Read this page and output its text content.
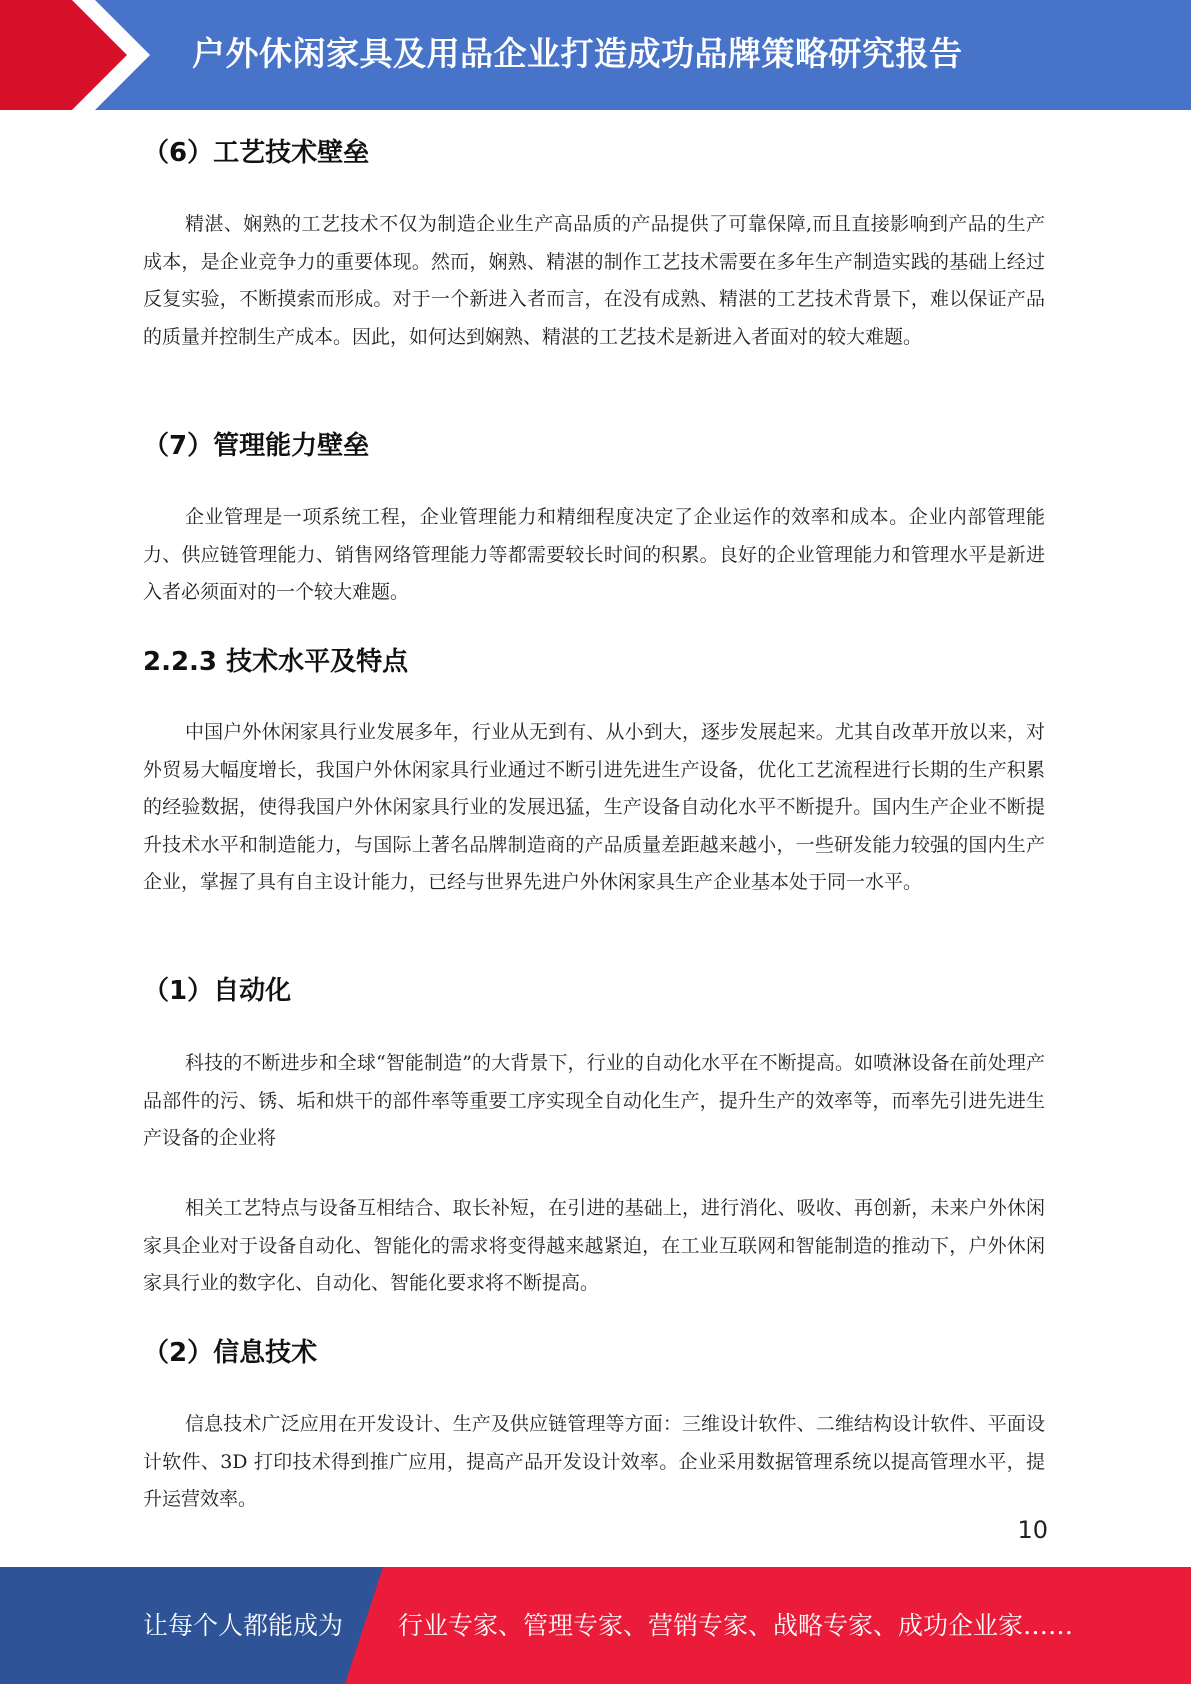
户外休闲家具及用品企业打造成功品牌策略研究报告
（6）工艺技术壁垒

精湛、娴熟的工艺技术不仅为制造企业生产高品质的产品提供了可靠保障,而且直接影响到产品的生产成本，是企业竞争力的重要体现。然而，娴熟、精湛的制作工艺技术需要在多年生产制造实践的基础上经过反复实验，不断摸索而形成。对于一个新进入者而言，在没有成熟、精湛的工艺技术背景下，难以保证产品的质量并控制生产成本。因此，如何达到娴熟、精湛的工艺技术是新进入者面对的较大难题。

（7）管理能力壁垒

企业管理是一项系统工程，企业管理能力和精细程度决定了企业运作的效率和成本。企业内部管理能力、供应链管理能力、销售网络管理能力等都需要较长时间的积累。良好的企业管理能力和管理水平是新进入者必须面对的一个较大难题。

2.2.3 技术水平及特点

中国户外休闲家具行业发展多年，行业从无到有、从小到大，逐步发展起来。尤其自改革开放以来，对外贸易大幅度增长，我国户外休闲家具行业通过不断引进先进生产设备，优化工艺流程进行长期的生产积累的经验数据，使得我国户外休闲家具行业的发展迅猛，生产设备自动化水平不断提升。国内生产企业不断提升技术水平和制造能力，与国际上著名品牌制造商的产品质量差距越来越小，一些研发能力较强的国内生产企业，掌握了具有自主设计能力，已经与世界先进户外休闲家具生产企业基本处于同一水平。

（1）自动化

科技的不断进步和全球“智能制造”的大背景下，行业的自动化水平在不断提高。如喷淋设备在前处理产品部件的污、锈、垢和烘干的部件率等重要工序实现全自动化生产，提升生产的效率等，而率先引进先进生产设备的企业将

相关工艺特点与设备互相结合、取长补短，在引进的基础上，进行消化、吸收、再创新，未来户外休闲家具企业对于设备自动化、智能化的需求将变得越来越紧迫，在工业互联网和智能制造的推动下，户外休闲家具行业的数字化、自动化、智能化要求将不断提高。

（2）信息技术

信息技术广泛应用在开发设计、生产及供应链管理等方面：三维设计软件、二维结构设计软件、平面设计软件、3D 打印技术得到推广应用，提高产品开发设计效率。企业采用数据管理系统以提高管理水平，提升运营效率。

10
让每个人都能成为 行业专家、管理专家、营销专家、战略专家、成功企业家……
